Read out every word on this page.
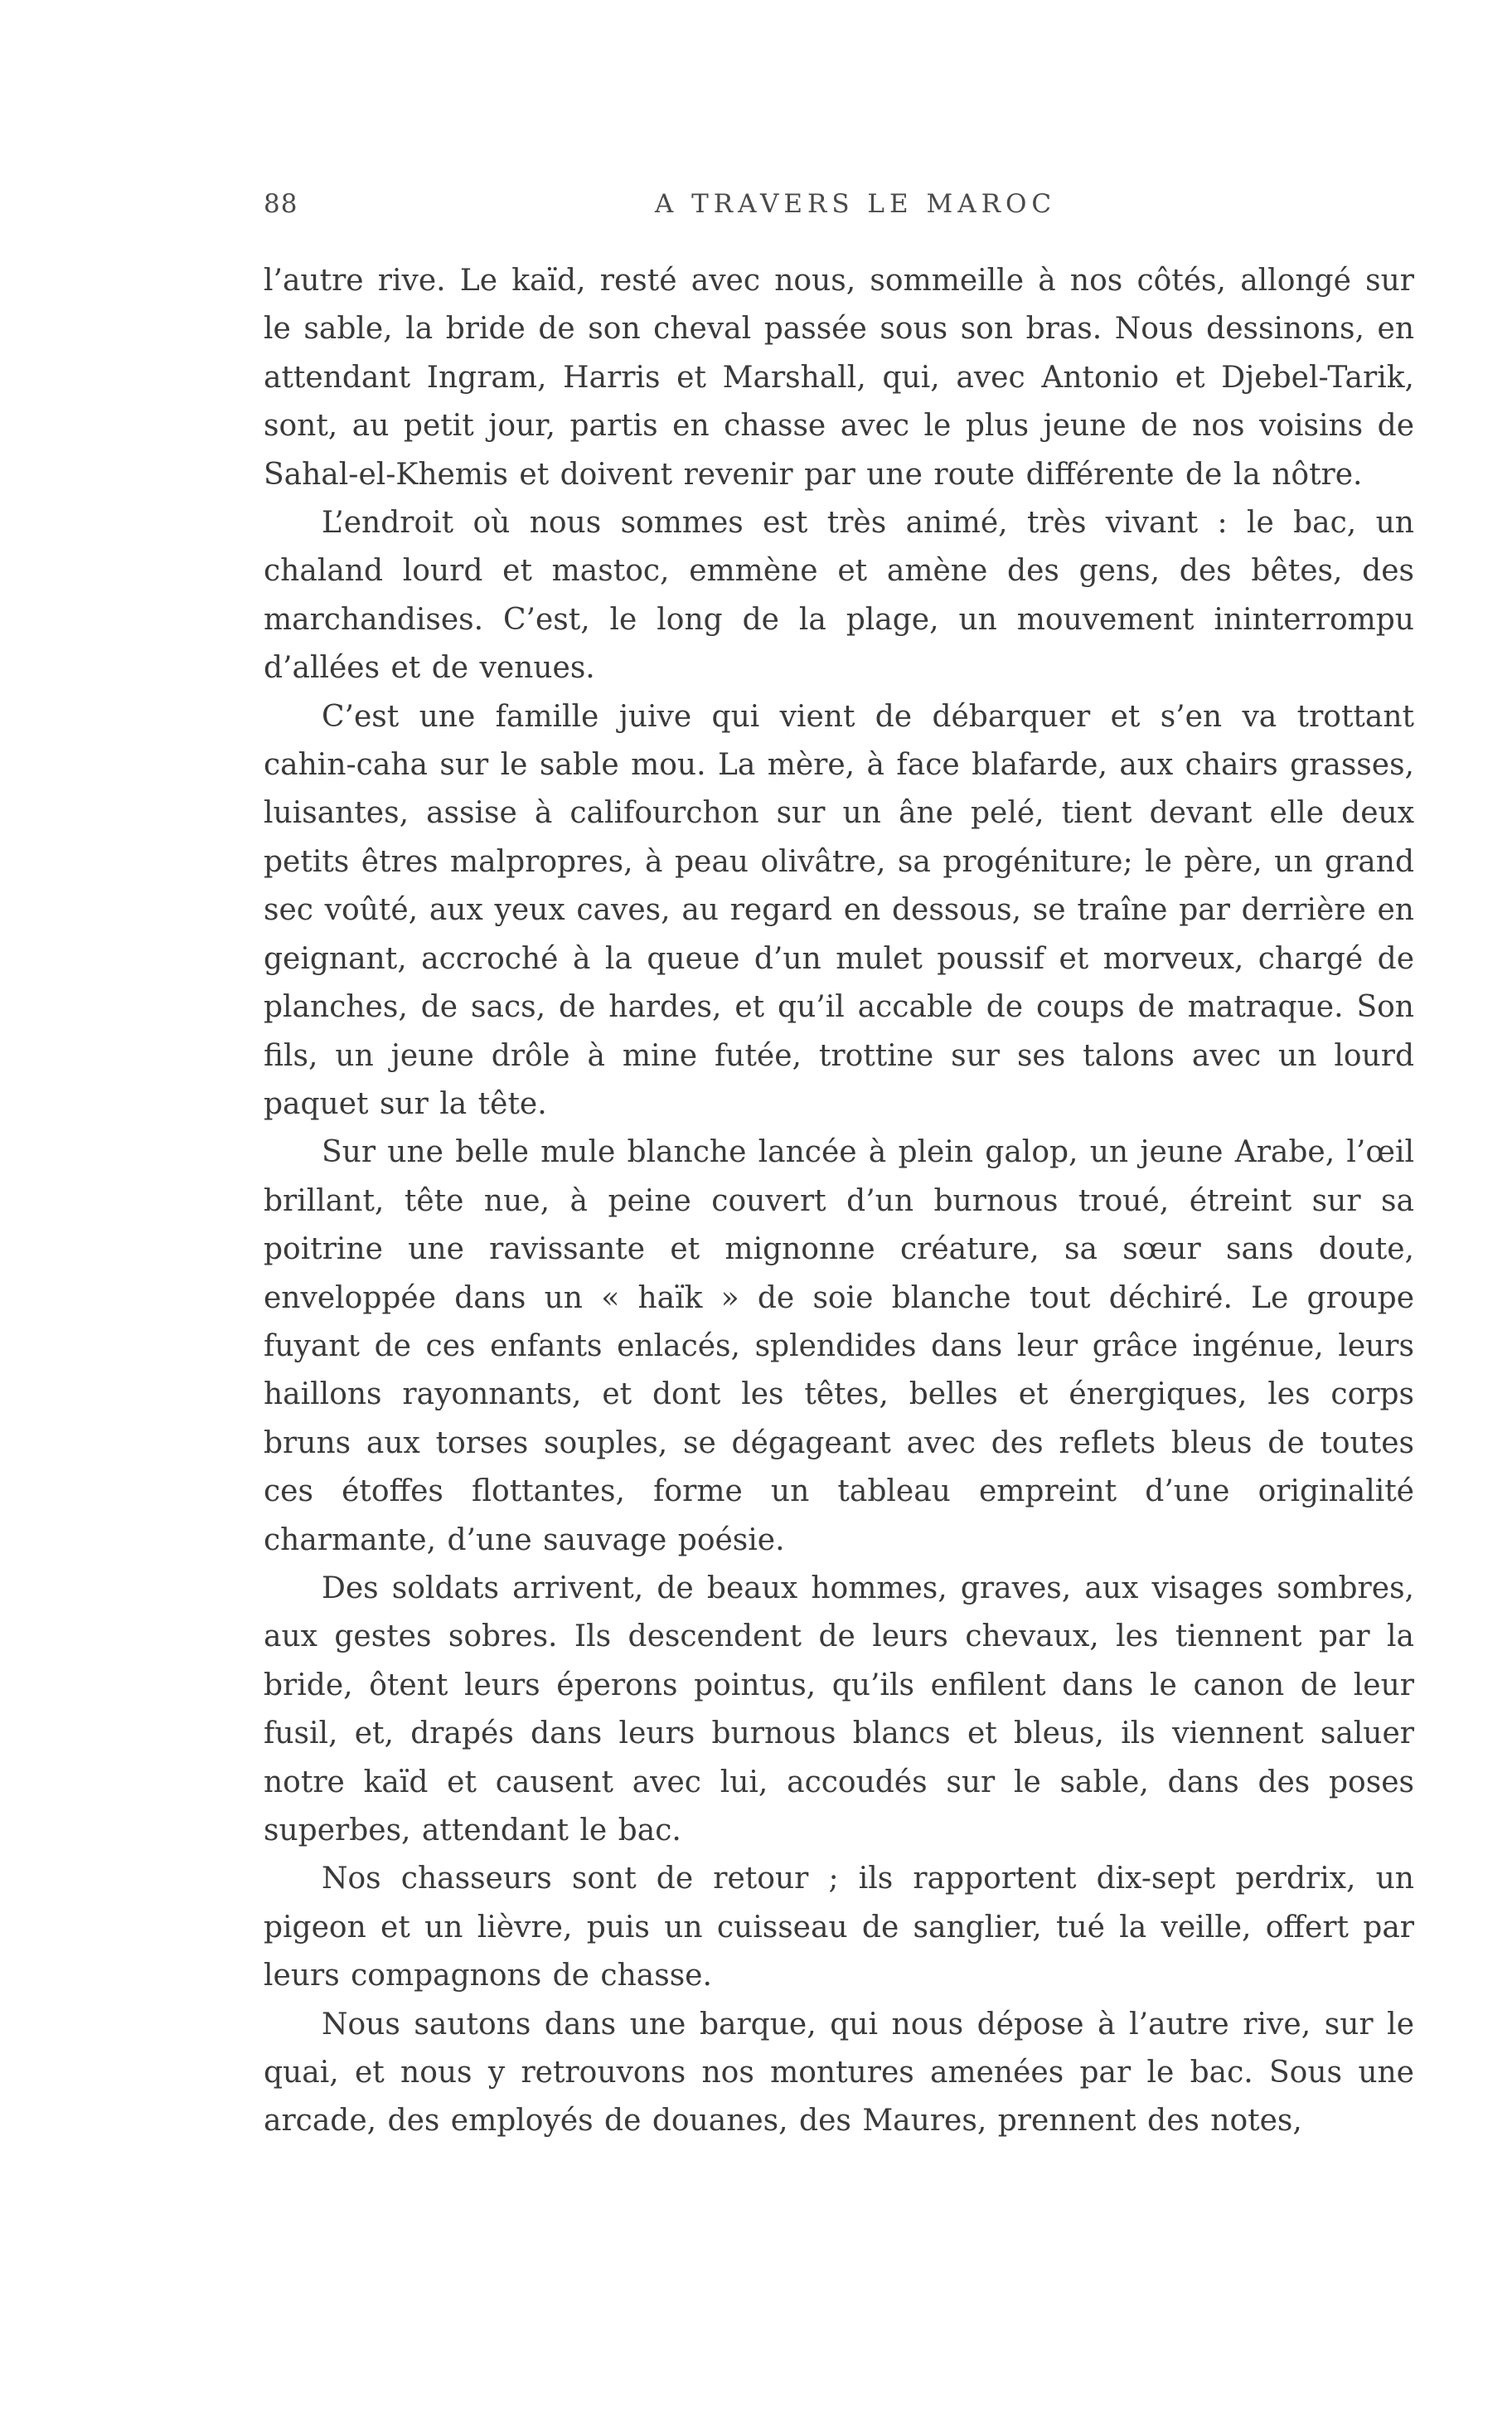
88	A TRAVERS LE MAROC

l’autre rive. Le kaïd, resté avec nous, sommeille à nos côtés, allongé sur le sable, la bride de son cheval passée sous son bras. Nous dessinons, en attendant Ingram, Harris et Marshall, qui, avec Antonio et Djebel-Tarik, sont, au petit jour, partis en chasse avec le plus jeune de nos voisins de Sahal-el-Khemis et doivent revenir par une route différente de la nôtre.

L’endroit où nous sommes est très animé, très vivant : le bac, un chaland lourd et mastoc, emmène et amène des gens, des bêtes, des marchandises. C’est, le long de la plage, un mouvement ininterrompu d’allées et de venues.

C’est une famille juive qui vient de débarquer et s’en va trottant cahin-caha sur le sable mou. La mère, à face blafarde, aux chairs grasses, luisantes, assise à califourchon sur un âne pelé, tient devant elle deux petits êtres malpropres, à peau olivâtre, sa progéniture; le père, un grand sec voûté, aux yeux caves, au regard en dessous, se traîne par derrière en geignant, accroché à la queue d’un mulet poussif et morveux, chargé de planches, de sacs, de hardes, et qu’il accable de coups de matraque. Son fils, un jeune drôle à mine futée, trottine sur ses talons avec un lourd paquet sur la tête.

Sur une belle mule blanche lancée à plein galop, un jeune Arabe, l’œil brillant, tête nue, à peine couvert d’un burnous troué, étreint sur sa poitrine une ravissante et mignonne créature, sa sœur sans doute, enveloppée dans un « haïk » de soie blanche tout déchiré. Le groupe fuyant de ces enfants enlacés, splendides dans leur grâce ingénue, leurs haillons rayonnants, et dont les têtes, belles et énergiques, les corps bruns aux torses souples, se dégageant avec des reflets bleus de toutes ces étoffes flottantes, forme un tableau empreint d’une originalité charmante, d’une sauvage poésie.

Des soldats arrivent, de beaux hommes, graves, aux visages sombres, aux gestes sobres. Ils descendent de leurs chevaux, les tiennent par la bride, ôtent leurs éperons pointus, qu’ils enfilent dans le canon de leur fusil, et, drapés dans leurs burnous blancs et bleus, ils viennent saluer notre kaïd et causent avec lui, accoudés sur le sable, dans des poses superbes, attendant le bac.

Nos chasseurs sont de retour ; ils rapportent dix-sept perdrix, un pigeon et un lièvre, puis un cuisseau de sanglier, tué la veille, offert par leurs compagnons de chasse.

Nous sautons dans une barque, qui nous dépose à l’autre rive, sur le quai, et nous y retrouvons nos montures amenées par le bac. Sous une arcade, des employés de douanes, des Maures, prennent des notes,
